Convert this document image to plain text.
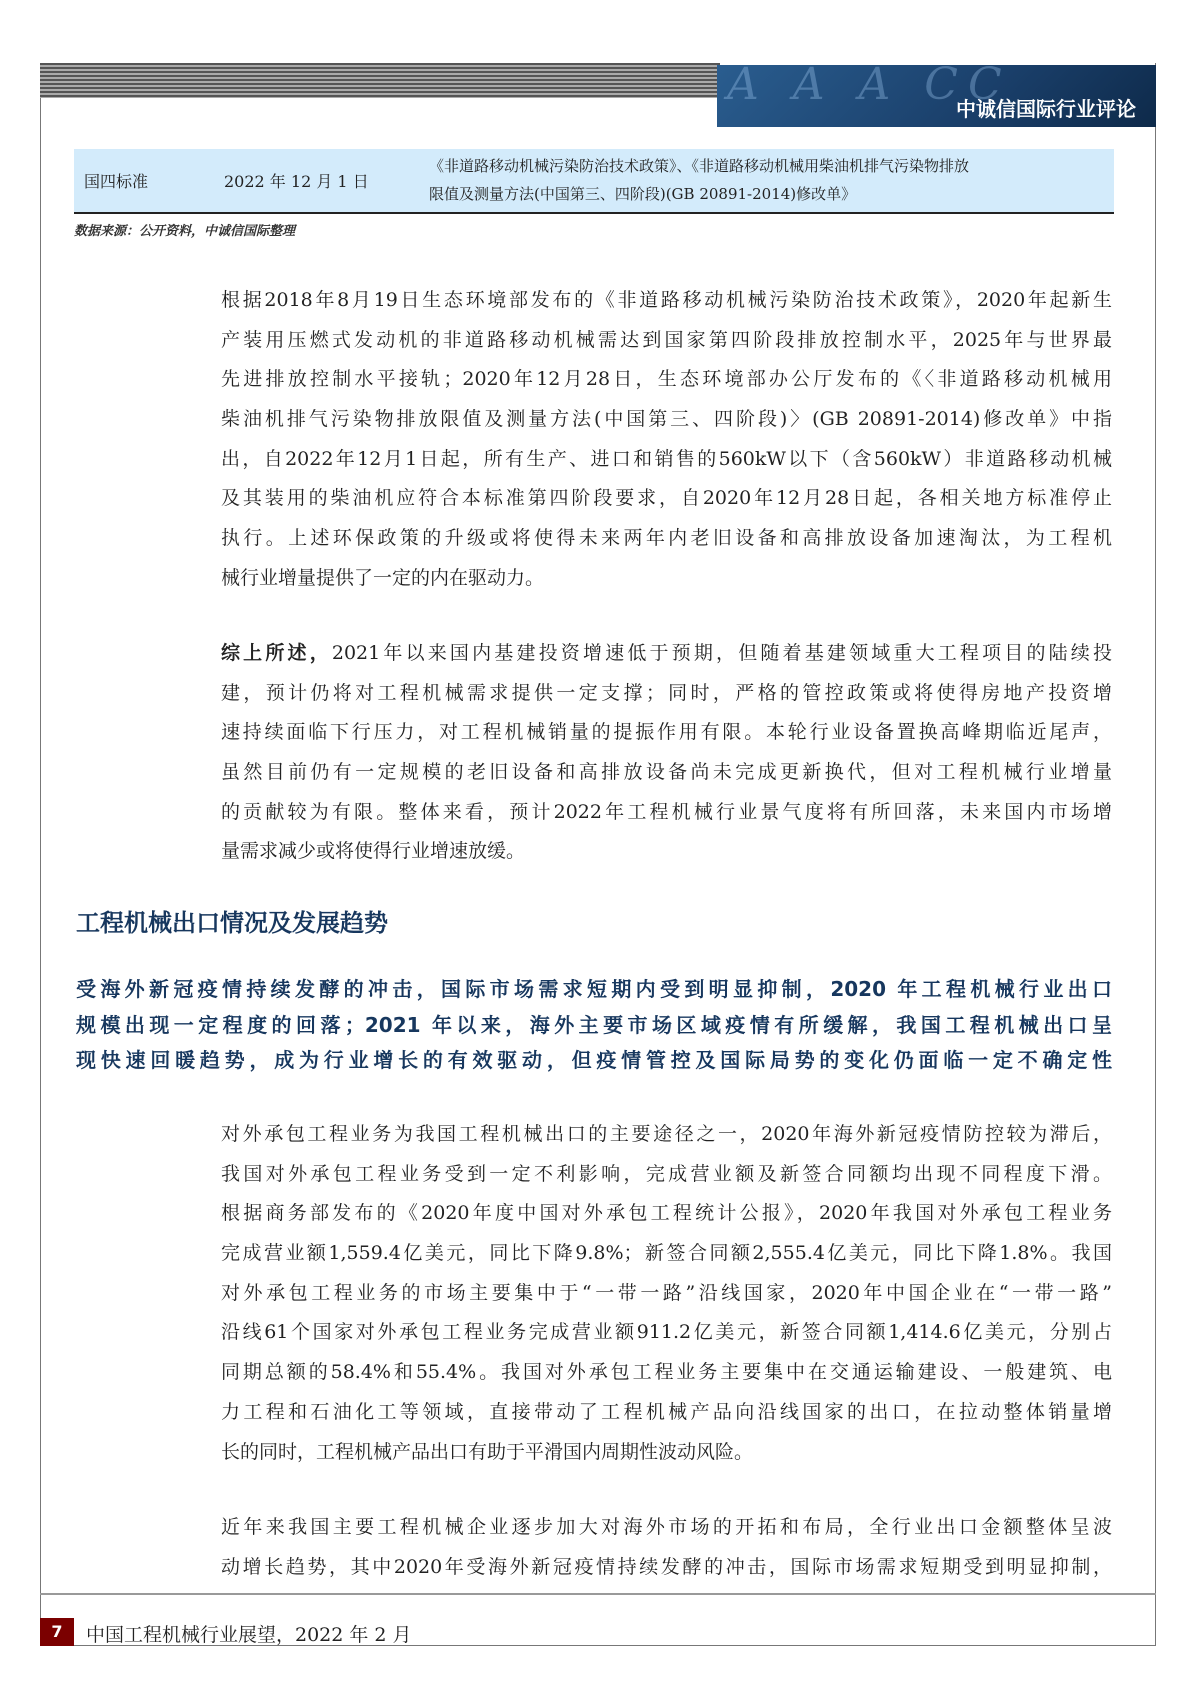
A A A CC
中诚信国际行业评论
国四标准	2022 年 12 月 1 日
《非道路移动机械污染防治技术政策》、《非道路移动机械用柴油机排气污染物排放
限值及测量方法(中国第三、四阶段)(GB 20891-2014)修改单》
数据来源：公开资料，中诚信国际整理
根据2018年8月19日生态环境部发布的《非道路移动机械污染防治技术政策》，2020年起新生
产装用压燃式发动机的非道路移动机械需达到国家第四阶段排放控制水平，2025年与世界最
先进排放控制水平接轨；2020年12月28日，生态环境部办公厅发布的《〈非道路移动机械用
柴油机排气污染物排放限值及测量方法(中国第三、四阶段)〉(GB 20891-2014)修改单》中指
出，自2022年12月1日起，所有生产、进口和销售的560kW以下（含560kW）非道路移动机械
及其装用的柴油机应符合本标准第四阶段要求，自2020年12月28日起，各相关地方标准停止
执行。上述环保政策的升级或将使得未来两年内老旧设备和高排放设备加速淘汰，为工程机
械行业增量提供了一定的内在驱动力。
综上所述，2021年以来国内基建投资增速低于预期，但随着基建领域重大工程项目的陆续投
建，预计仍将对工程机械需求提供一定支撑；同时，严格的管控政策或将使得房地产投资增
速持续面临下行压力，对工程机械销量的提振作用有限。本轮行业设备置换高峰期临近尾声，
虽然目前仍有一定规模的老旧设备和高排放设备尚未完成更新换代，但对工程机械行业增量
的贡献较为有限。整体来看，预计2022年工程机械行业景气度将有所回落，未来国内市场增
量需求减少或将使得行业增速放缓。
工程机械出口情况及发展趋势
受海外新冠疫情持续发酵的冲击，国际市场需求短期内受到明显抑制，2020 年工程机械行业出口
规模出现一定程度的回落；2021 年以来，海外主要市场区域疫情有所缓解，我国工程机械出口呈
现快速回暖趋势，成为行业增长的有效驱动，但疫情管控及国际局势的变化仍面临一定不确定性
对外承包工程业务为我国工程机械出口的主要途径之一，2020年海外新冠疫情防控较为滞后，
我国对外承包工程业务受到一定不利影响，完成营业额及新签合同额均出现不同程度下滑。
根据商务部发布的《2020年度中国对外承包工程统计公报》，2020年我国对外承包工程业务
完成营业额1,559.4亿美元，同比下降9.8%；新签合同额2,555.4亿美元，同比下降1.8%。我国
对外承包工程业务的市场主要集中于“一带一路”沿线国家，2020年中国企业在“一带一路”
沿线61个国家对外承包工程业务完成营业额911.2亿美元，新签合同额1,414.6亿美元，分别占
同期总额的58.4%和55.4%。我国对外承包工程业务主要集中在交通运输建设、一般建筑、电
力工程和石油化工等领域，直接带动了工程机械产品向沿线国家的出口，在拉动整体销量增
长的同时，工程机械产品出口有助于平滑国内周期性波动风险。
近年来我国主要工程机械企业逐步加大对海外市场的开拓和布局，全行业出口金额整体呈波
动增长趋势，其中2020年受海外新冠疫情持续发酵的冲击，国际市场需求短期受到明显抑制，
7	中国工程机械行业展望，2022 年 2 月
